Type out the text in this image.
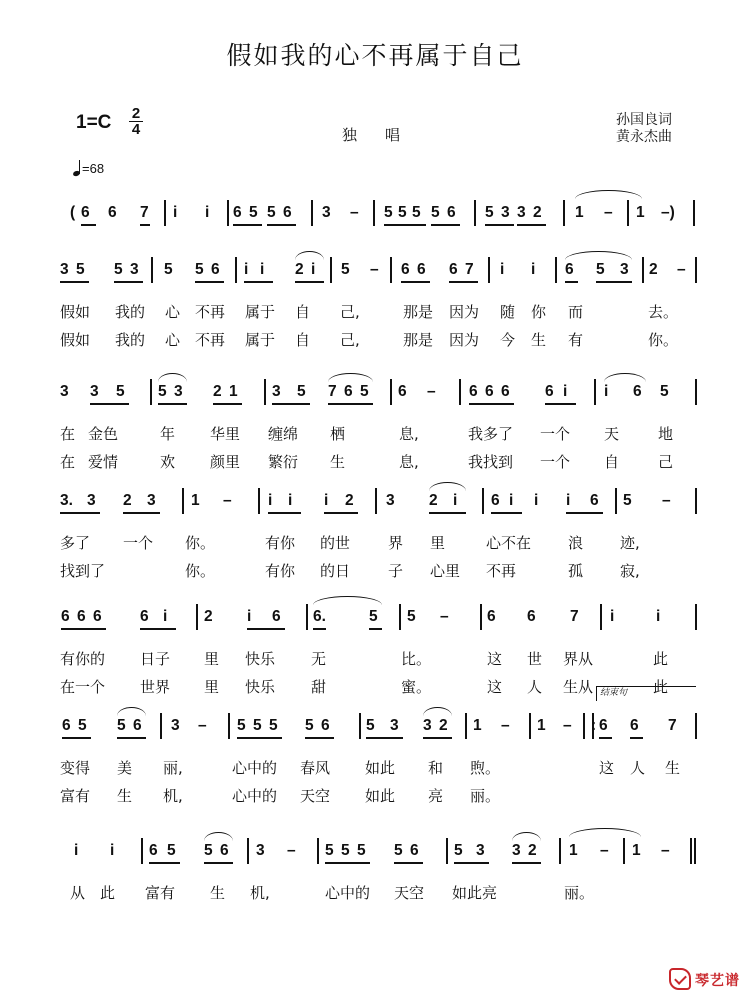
假如我的心不再属于自己
1=C 2
4	独唱
孙国良词
黄永杰曲
=68
( 6 6 7 i i 6 5 5 6 3 – 5 5 5 5 6 5 3 3 2 1 – 1 –)
3 5 5 3 5 5 6 i i 2 i 5 – 6 6 6 7 i i 6 5 3 2 –
假如 我的 心 不再 属于 自 己,	那是 因为 随 你 而	去。
假如 我的 心 不再 属于 自 己,	那是 因为 今 生 有	你。
3 3 5 5 3 2 1 3 5 7 6 5 6 – 6 6 6 6 i i 6 5
在 金色	年 华里 缠绵 栖	息,	我多了 一个 天	地
在 爱情	欢 颜里 繁衍 生	息,	我找到 一个 自	己
3. 3 2 3 1 – i i i 2 3 2 i 6 i i i 6 5 –
多了 一个 你。	有你 的世	界 里	心不在 浪 迹,
找到了	你。	有你 的日	子 心里 不再	孤 寂,
6 6 6 6 i 2 i 6 6.	5 5 – 6 6 7 i	i
有你的 日子 里 快乐 无	比。	这 世 界从	此
在一个 世界 里 快乐 甜	蜜。	这 人 生从	此
6 5 5 6 3 – 5 5 5 5 6 5 3 3 2 1 – 1 – : 6 6 7
变得 美 丽,	心中的 春风 如此 和 煦。	这 人 生
富有 生 机,	心中的 天空 如此 亮 丽。
i i 6 5 5 6 3 – 5 5 5 5 6 5 3 3 2 1 – 1 –
从 此 富有 生 机,	心中的 天空 如此亮	丽。
结束句
琴艺谱
